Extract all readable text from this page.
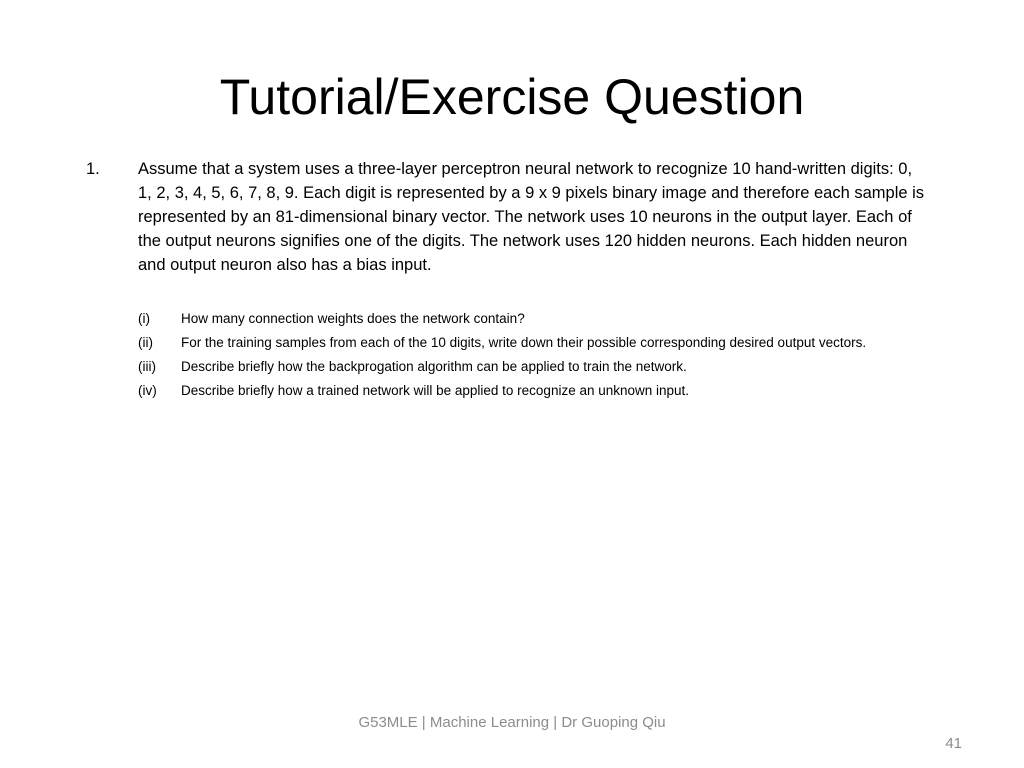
Tutorial/Exercise Question
1. Assume that a system uses a three-layer perceptron neural network to recognize 10 hand-written digits: 0, 1, 2, 3, 4, 5, 6, 7, 8, 9. Each digit is represented by a 9 x 9 pixels binary image and therefore each sample is represented by an 81-dimensional binary vector. The network uses 10 neurons in the output layer. Each of the output neurons signifies one of the digits. The network uses 120 hidden neurons. Each hidden neuron and output neuron also has a bias input.
(i) How many connection weights does the network contain?
(ii) For the training samples from each of the 10 digits, write down their possible corresponding desired output vectors.
(iii) Describe briefly how the backprogation algorithm can be applied to train the network.
(iv) Describe briefly how a trained network will be applied to recognize an unknown input.
G53MLE | Machine Learning | Dr Guoping Qiu
41
